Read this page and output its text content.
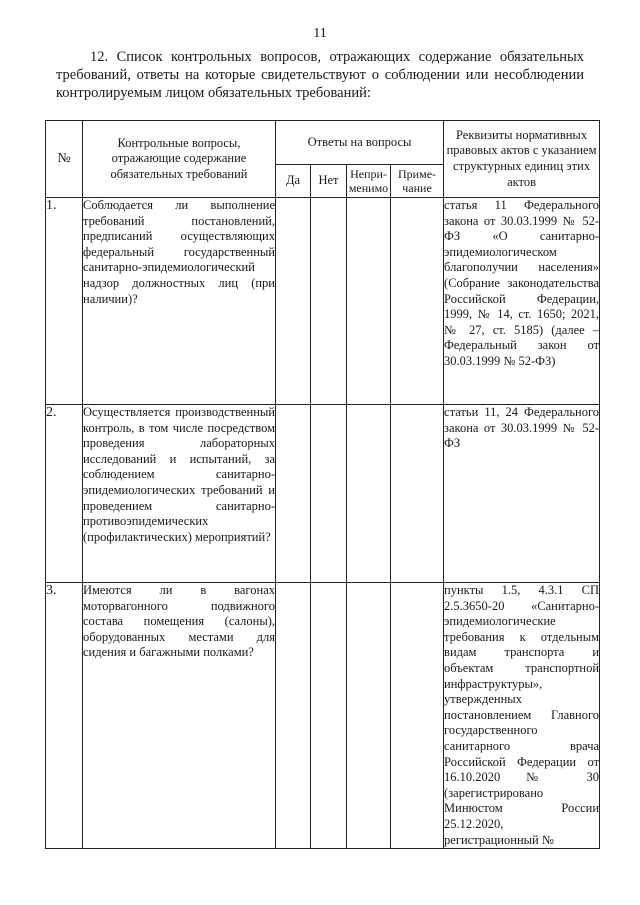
11
12. Список контрольных вопросов, отражающих содержание обязательных требований, ответы на которые свидетельствуют о соблюдении или несоблюдении контролируемым лицом обязательных требований:
№	Контрольные вопросы, отражающие содержание обязательных требований	Ответы на вопросы				Реквизиты нормативных правовых актов с указанием структурных единиц этих актов
		Да	Нет	Непри-менимо	Приме-чание	
1.	Соблюдается ли выполнение требований постановлений, предписаний осуществляющих федеральный государственный санитарно-эпидемиологический надзор должностных лиц (при наличии)?					статья 11 Федерального закона от 30.03.1999 № 52-ФЗ «О санитарно-эпидемиологическом благополучии населения» (Собрание законодательства Российской Федерации, 1999, № 14, ст. 1650; 2021, № 27, ст. 5185) (далее – Федеральный закон от 30.03.1999 № 52-ФЗ)
2.	Осуществляется производственный контроль, в том числе посредством проведения лабораторных исследований и испытаний, за соблюдением санитарно-эпидемиологических требований и проведением санитарно-противоэпидемических (профилактических) мероприятий?					статьи 11, 24 Федерального закона от 30.03.1999 № 52-ФЗ
3.	Имеются ли в вагонах моторвагонного подвижного состава помещения (салоны), оборудованных местами для сидения и багажными полками?					пункты 1.5, 4.3.1 СП 2.5.3650-20 «Санитарно-эпидемиологические требования к отдельным видам транспорта и объектам транспортной инфраструктуры», утвержденных постановлением Главного государственного санитарного врача Российской Федерации от 16.10.2020 № 30 (зарегистрировано Минюстом России 25.12.2020, регистрационный №
